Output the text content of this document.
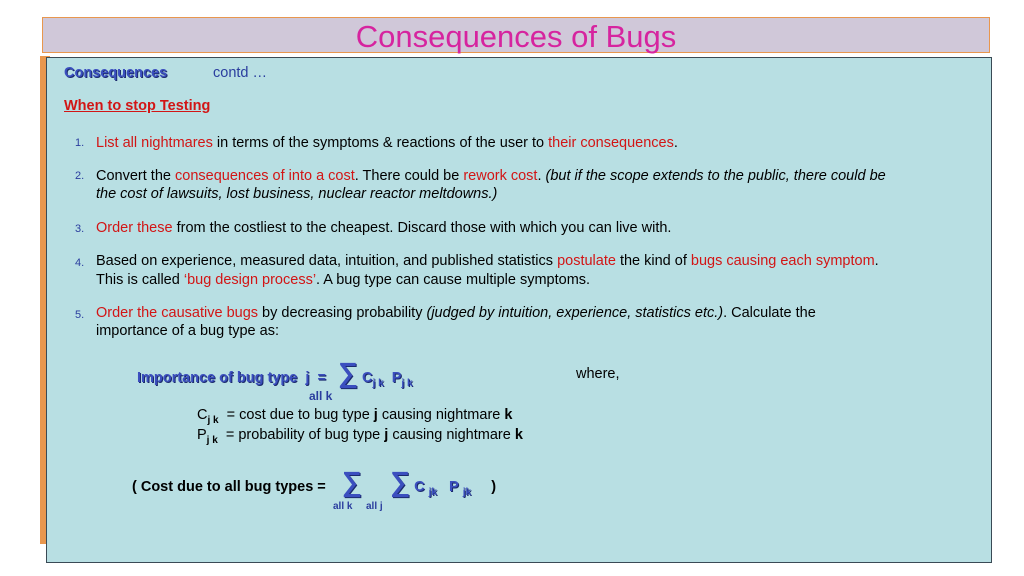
Consequences of Bugs
Consequences	contd …
When to stop Testing
1. List all nightmares in terms of the symptoms & reactions of the user to their consequences.
2. Convert the consequences of into a cost. There could be rework cost. (but if the scope extends to the public, there could be
the cost of lawsuits, lost business, nuclear reactor meltdowns.)
3. Order these from the costliest to the cheapest. Discard those with which you can live with.
4. Based on experience, measured data, intuition, and published statistics postulate the kind of bugs causing each symptom.
This is called ‘bug design process’. A bug type can cause multiple symptoms.
5. Order the causative bugs by decreasing probability (judged by intuition, experience, statistics etc.). Calculate the
importance of a bug type as:
Importance of bug type j = ∑ $C_{j k}$ $P_{j k}$
all k
where,
$C_{j k} = \cos t$ due to bug type j causing nightmare k
$P_{j k}$ = probability of bug type j causing nightmare k
( Cost due to all bug types = ∑ ∑ C $_{jk}$ P $_{jk}$ )
all k all j
